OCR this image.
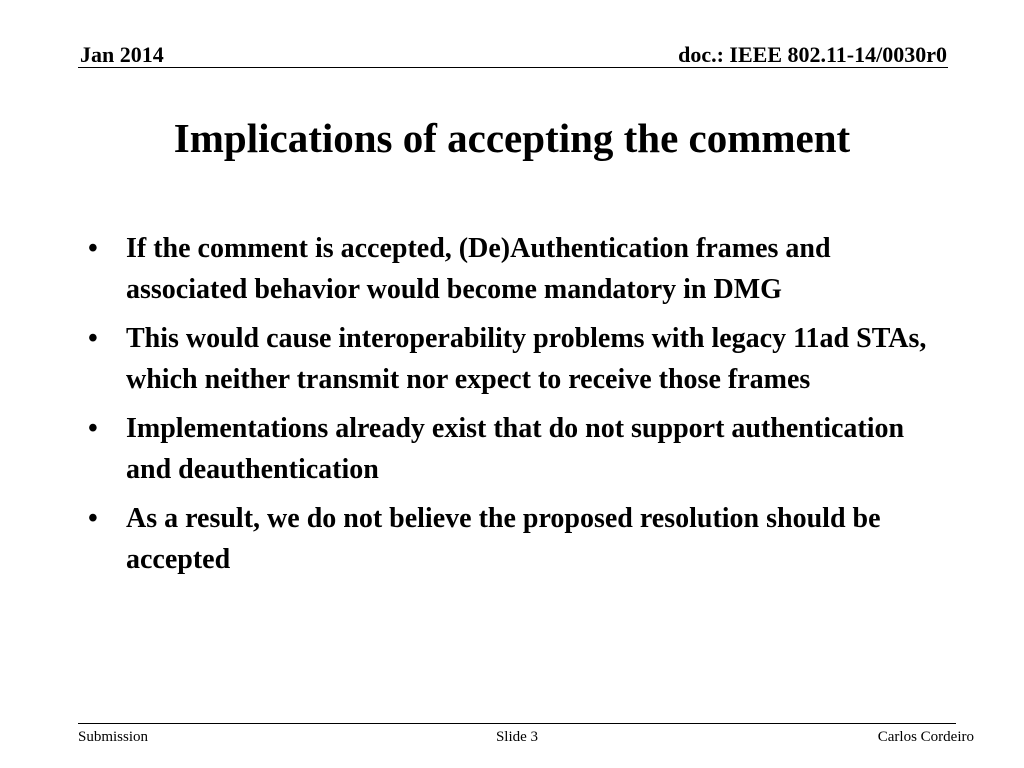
Jan 2014	doc.: IEEE 802.11-14/0030r0
Implications of accepting the comment
•	If the comment is accepted, (De)Authentication frames and associated behavior would become mandatory in DMG
•	This would cause interoperability problems with legacy 11ad STAs, which neither transmit nor expect to receive those frames
•	Implementations already exist that do not support authentication and deauthentication
•	As a result, we do not believe the proposed resolution should be accepted
Submission	Slide 3	Carlos Cordeiro
